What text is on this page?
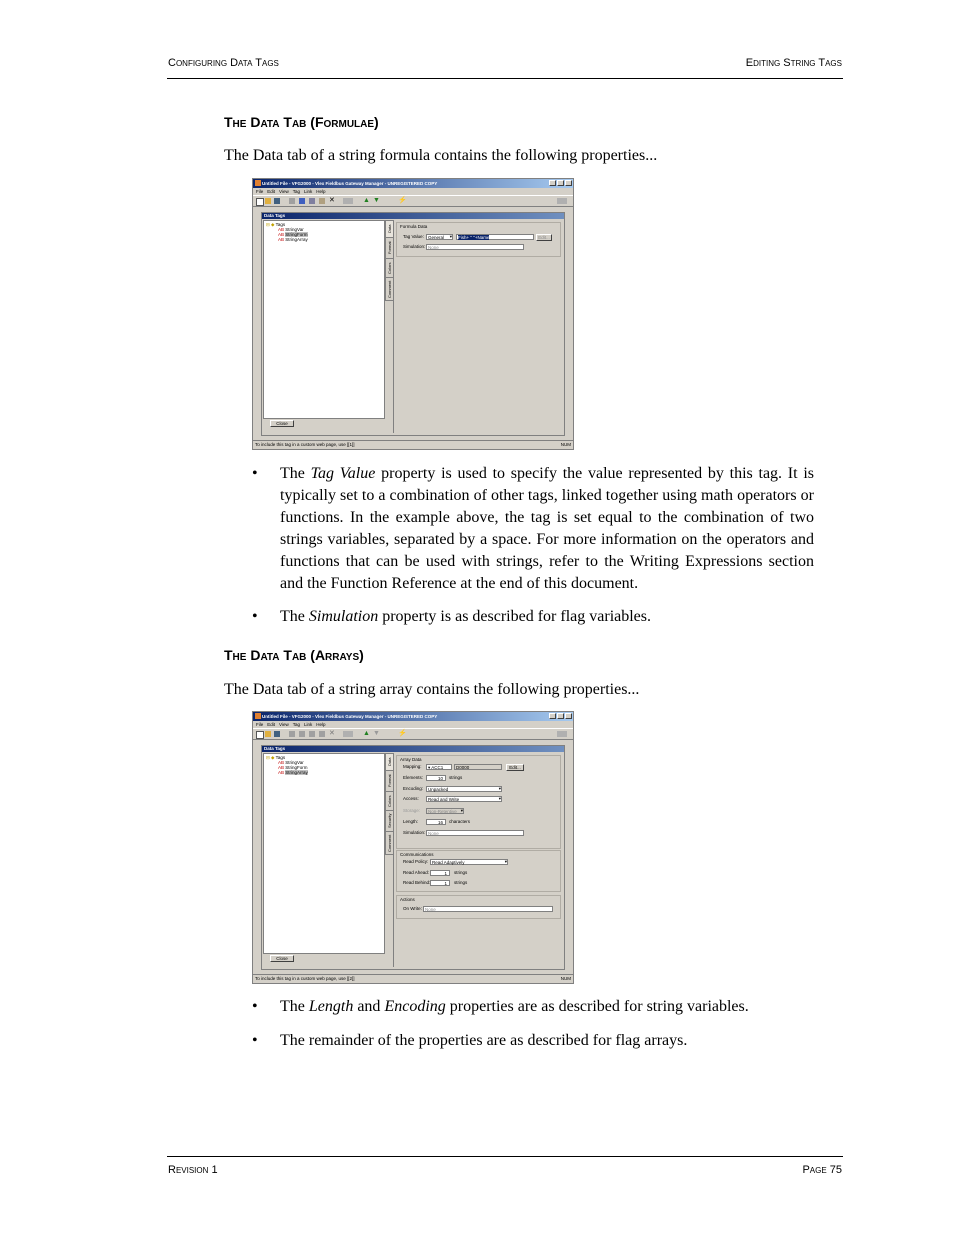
Configuring Data Tags	Editing String Tags
The Data Tab (Formulae)

The Data tab of a string formula contains the following properties...

Untitled File - VFG2000 - Vlex Fieldbus Gateway Manager - UNREGISTERED COPY
File Edit View Tag Link Help
✕	▲ ▼	⚡
Data Tags
⊟ ◆ Tags
AB StringVar
AB StringForm
AB StringArray
Close
Data
Format
Colors
Comment
Formula Data
Tag Value: General ▾	Fish+ " "+Name	Edit...
Simulation: None
To include this tag in a custom web page, use [[1]]	NUM
• The Tag Value property is used to specify the value represented by this tag. It is typically set to a combination of other tags, linked together using math operators or functions. In the example above, the tag is set equal to the combination of two strings variables, separated by a space. For more information on the operators and functions that can be used with strings, refer to the Writing Expressions section and the Function Reference at the end of this document.
• The Simulation property is as described for flag variables.
The Data Tab (Arrays)

The Data tab of a string array contains the following properties...

Untitled File - VFG2000 - Vlex Fieldbus Gateway Manager - UNREGISTERED COPY
File Edit View Tag Link Help
✕	▲ ▼	⚡
Data Tags
⊟ ◆ Tags
AB StringVar
AB StringForm
AB StringArray
Close
Data
Format
Colors
Security
Comment
Array Data
Mapping:	▾ ACC1	D0000	Edit...
Elements:	10	strings
Encoding:	Unpacked ▾
Access:	Read and Write ▾
Storage:	Non-Retentive ▾
Length:	16	characters
Simulation: None
Communications
Read Policy: Read Adaptively ▾
Read Ahead:	1	strings
Read Behind:	1	strings
Actions
On Write: None
To include this tag in a custom web page, use [[2]]	NUM
• The Length and Encoding properties are as described for string variables.
• The remainder of the properties are as described for flag arrays.
Revision 1	Page 75
